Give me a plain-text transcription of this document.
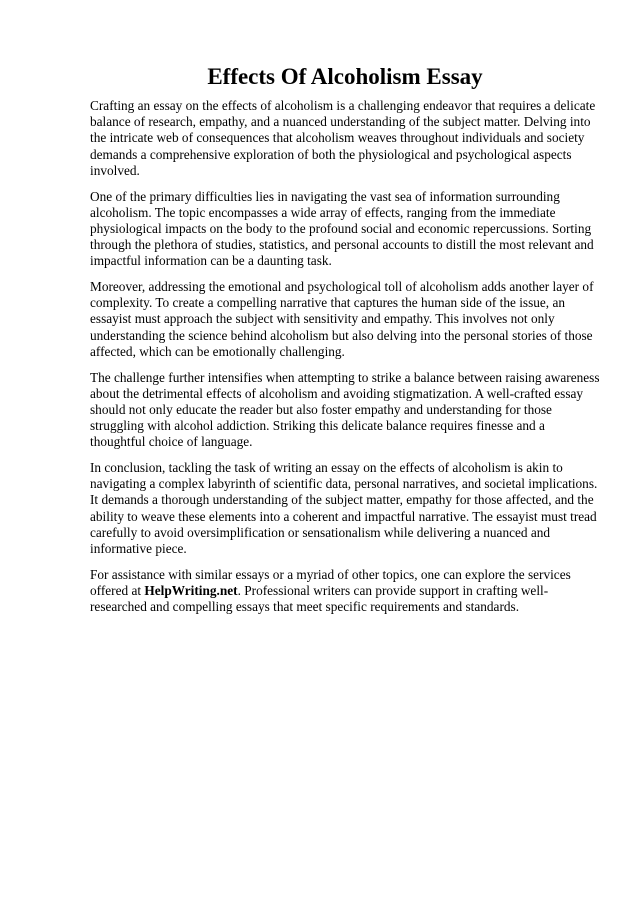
Effects Of Alcoholism Essay

Crafting an essay on the effects of alcoholism is a challenging endeavor that requires a delicate balance of research, empathy, and a nuanced understanding of the subject matter. Delving into the intricate web of consequences that alcoholism weaves throughout individuals and society demands a comprehensive exploration of both the physiological and psychological aspects involved.

One of the primary difficulties lies in navigating the vast sea of information surrounding alcoholism. The topic encompasses a wide array of effects, ranging from the immediate physiological impacts on the body to the profound social and economic repercussions. Sorting through the plethora of studies, statistics, and personal accounts to distill the most relevant and impactful information can be a daunting task.

Moreover, addressing the emotional and psychological toll of alcoholism adds another layer of complexity. To create a compelling narrative that captures the human side of the issue, an essayist must approach the subject with sensitivity and empathy. This involves not only understanding the science behind alcoholism but also delving into the personal stories of those affected, which can be emotionally challenging.

The challenge further intensifies when attempting to strike a balance between raising awareness about the detrimental effects of alcoholism and avoiding stigmatization. A well-crafted essay should not only educate the reader but also foster empathy and understanding for those struggling with alcohol addiction. Striking this delicate balance requires finesse and a thoughtful choice of language.

In conclusion, tackling the task of writing an essay on the effects of alcoholism is akin to navigating a complex labyrinth of scientific data, personal narratives, and societal implications. It demands a thorough understanding of the subject matter, empathy for those affected, and the ability to weave these elements into a coherent and impactful narrative. The essayist must tread carefully to avoid oversimplification or sensationalism while delivering a nuanced and informative piece.

For assistance with similar essays or a myriad of other topics, one can explore the services offered at HelpWriting.net. Professional writers can provide support in crafting well-researched and compelling essays that meet specific requirements and standards.
